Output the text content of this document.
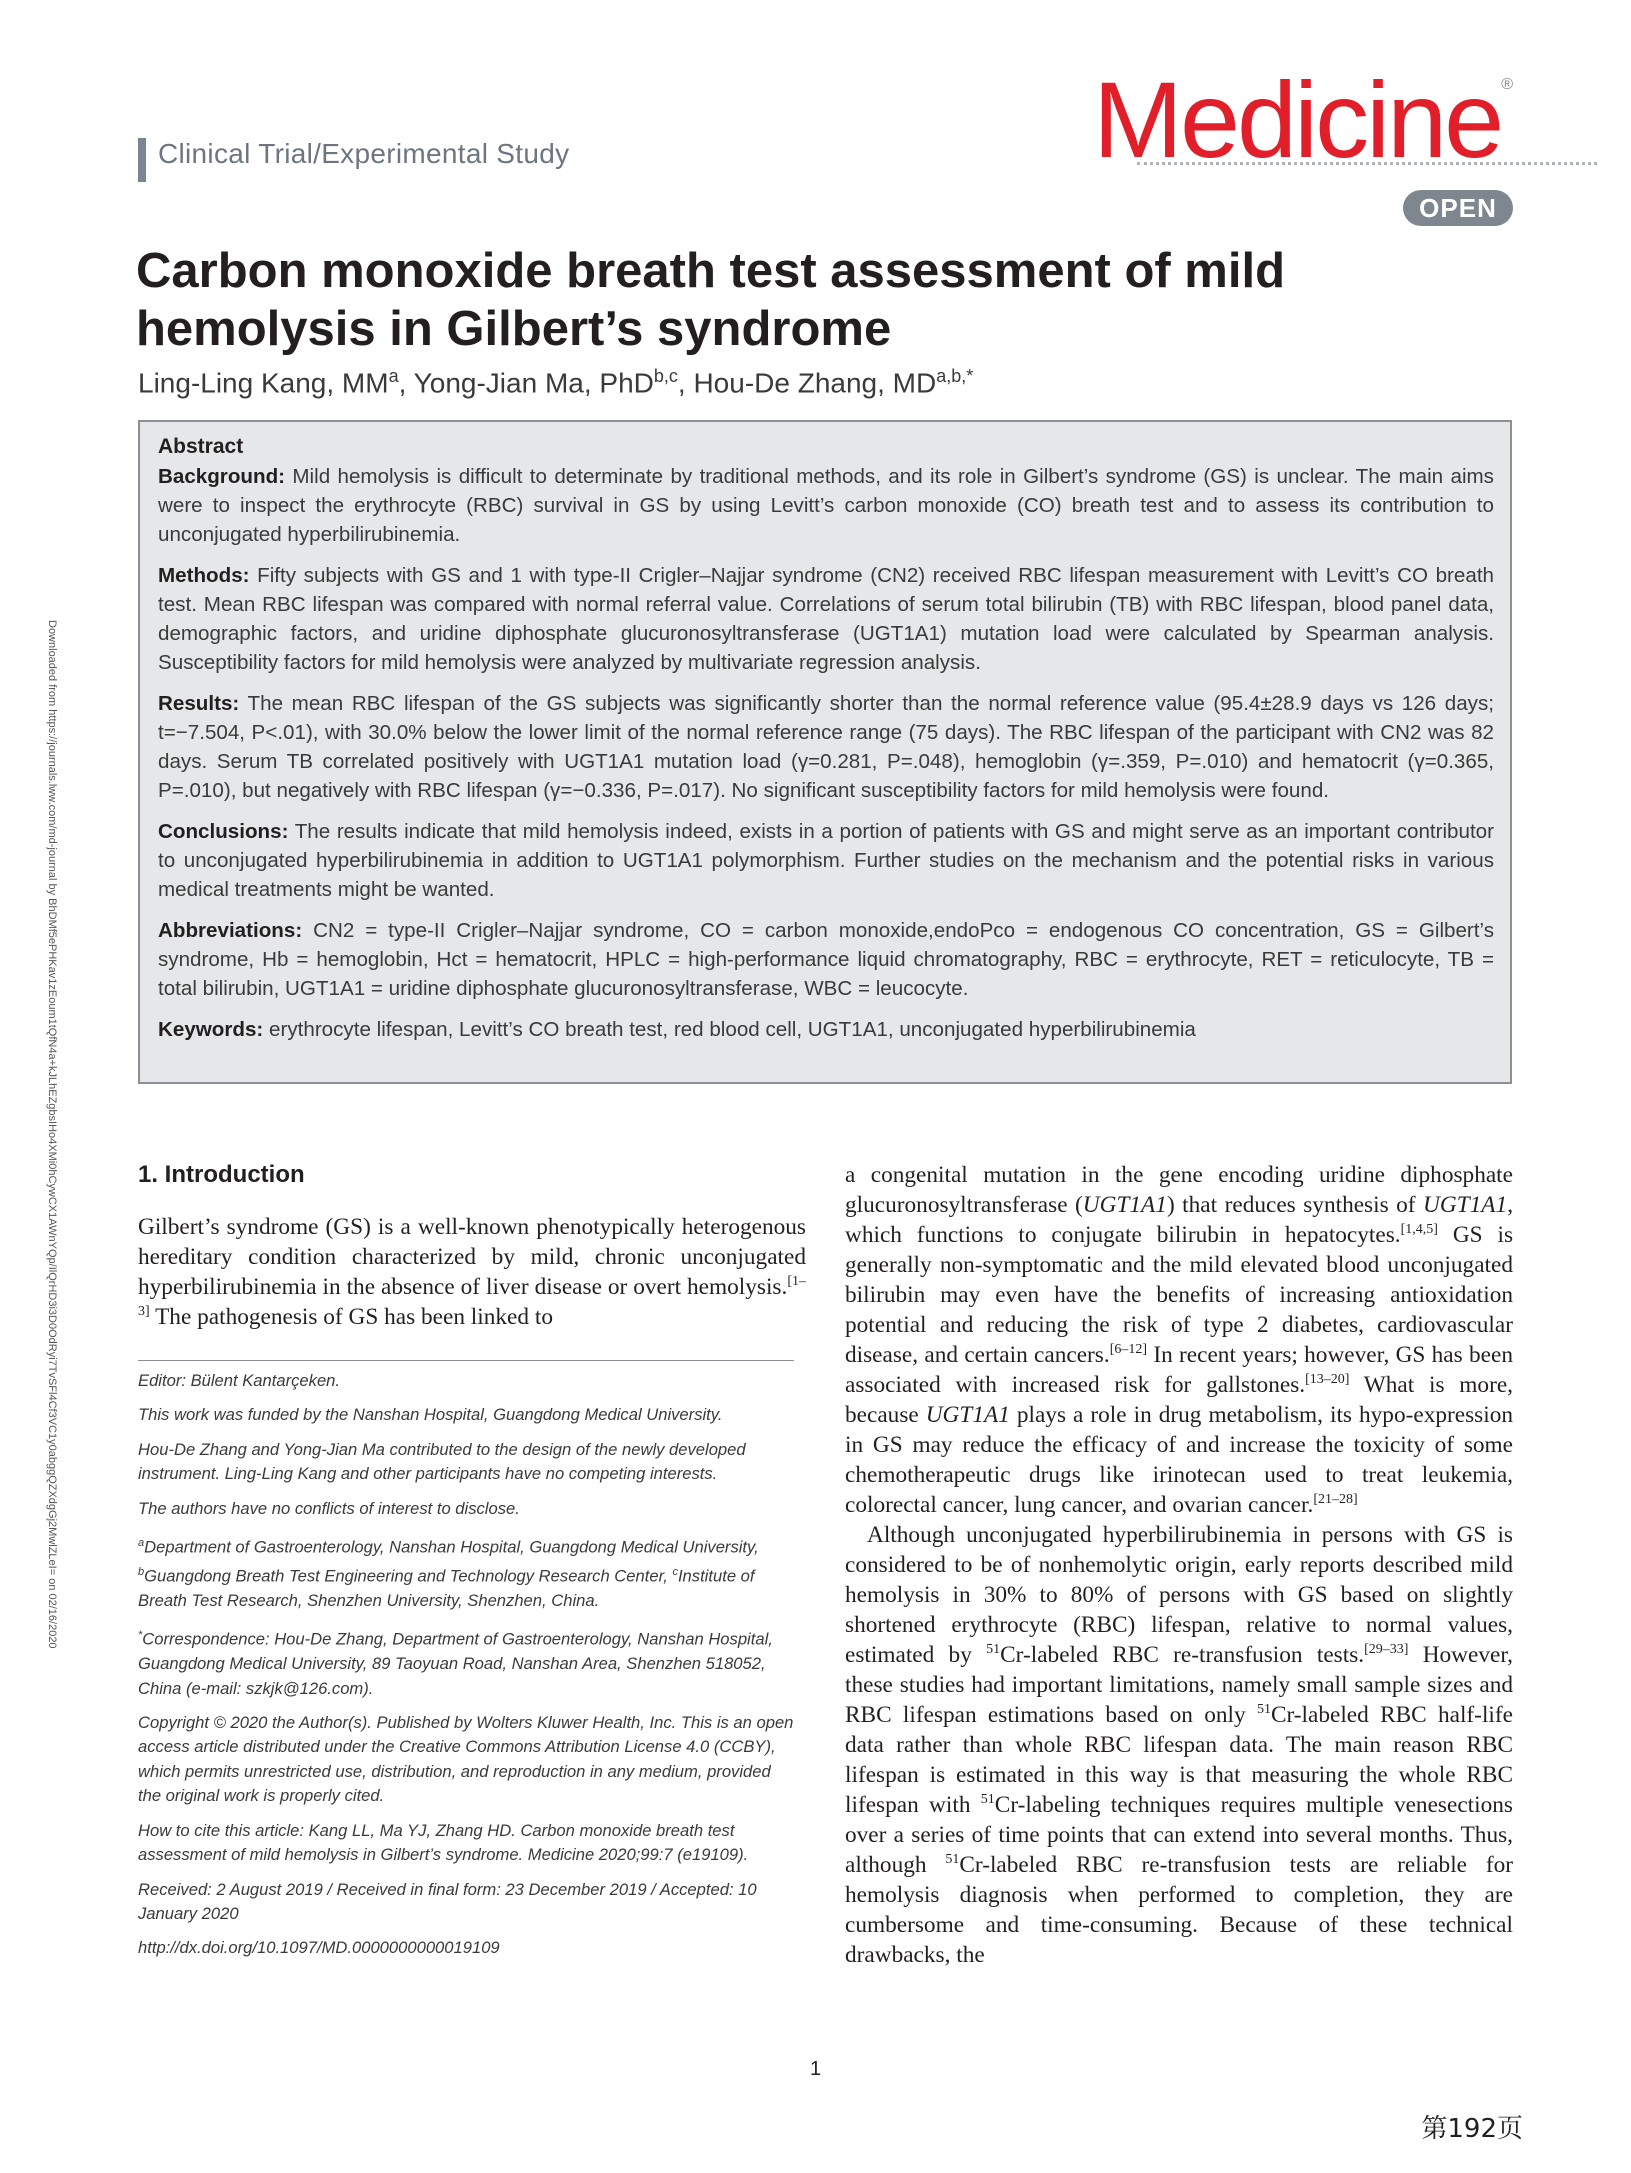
Clinical Trial/Experimental Study	Medicine®
OPEN
Carbon monoxide breath test assessment of mild hemolysis in Gilbert’s syndrome
Ling-Ling Kang, $MM^a$, Yong-Jian Ma, PhD$^{b,c}$, Hou-De Zhang, $MD^{a,b,*}$
Abstract

Background: Mild hemolysis is difficult to determinate by traditional methods, and its role in Gilbert’s syndrome (GS) is unclear. The main aims were to inspect the erythrocyte (RBC) survival in GS by using Levitt’s carbon monoxide (CO) breath test and to assess its contribution to unconjugated hyperbilirubinemia.

Methods: Fifty subjects with GS and 1 with type-II Crigler–Najjar syndrome (CN2) received RBC lifespan measurement with Levitt’s CO breath test. Mean RBC lifespan was compared with normal referral value. Correlations of serum total bilirubin (TB) with RBC lifespan, blood panel data, demographic factors, and uridine diphosphate glucuronosyltransferase (UGT1A1) mutation load were calculated by Spearman analysis. Susceptibility factors for mild hemolysis were analyzed by multivariate regression analysis.

Results: The mean RBC lifespan of the GS subjects was significantly shorter than the normal reference value (95.4±28.9 days vs 126 days; t=−7.504, P<.01), with 30.0% below the lower limit of the normal reference range (75 days). The RBC lifespan of the participant with CN2 was 82 days. Serum TB correlated positively with UGT1A1 mutation load (γ=0.281, P=.048), hemoglobin (γ=.359, P=.010) and hematocrit (γ=0.365, P=.010), but negatively with RBC lifespan (γ=−0.336, P=.017). No significant susceptibility factors for mild hemolysis were found.

Conclusions: The results indicate that mild hemolysis indeed, exists in a portion of patients with GS and might serve as an important contributor to unconjugated hyperbilirubinemia in addition to UGT1A1 polymorphism. Further studies on the mechanism and the potential risks in various medical treatments might be wanted.

Abbreviations: CN2 = type-II Crigler–Najjar syndrome, CO = carbon monoxide,endoPco = endogenous CO concentration, GS = Gilbert’s syndrome, Hb = hemoglobin, Hct = hematocrit, HPLC = high-performance liquid chromatography, RBC = erythrocyte, RET = reticulocyte, TB = total bilirubin, UGT1A1 = uridine diphosphate glucuronosyltransferase, WBC = leucocyte.

Keywords: erythrocyte lifespan, Levitt’s CO breath test, red blood cell, UGT1A1, unconjugated hyperbilirubinemia

Downloaded from https://journals.lww.com/md-journal by BhDMf5ePHKav1zEoum1tQfN4a+kJLhEZgbsIHo4XMi0hCywCX1AWnYQp/IlQrHD3i3D0OdRyi7TvSFl4Cf3VC1y0abggQZXdgGj2MwlZLeI= on 02/16/2020	1. Introduction

Gilbert’s syndrome (GS) is a well-known phenotypically heterogenous hereditary condition characterized by mild, chronic unconjugated hyperbilirubinemia in the absence of liver disease or overt hemolysis.[1–3] The pathogenesis of GS has been linked to

Editor: Bülent Kantarçeken.

This work was funded by the Nanshan Hospital, Guangdong Medical University.

Hou-De Zhang and Yong-Jian Ma contributed to the design of the newly developed instrument. Ling-Ling Kang and other participants have no competing interests.

The authors have no conflicts of interest to disclose.

$^a$Department of Gastroenterology, Nanshan Hospital, Guangdong Medical University, $^b$Guangdong Breath Test Engineering and Technology Research Center, $^c$Institute of Breath Test Research, Shenzhen University, Shenzhen, China.

*Correspondence: Hou-De Zhang, Department of Gastroenterology, Nanshan Hospital, Guangdong Medical University, 89 Taoyuan Road, Nanshan Area, Shenzhen 518052, China (e-mail: szkjk@126.com).

Copyright © 2020 the Author(s). Published by Wolters Kluwer Health, Inc. This is an open access article distributed under the Creative Commons Attribution License 4.0 (CCBY), which permits unrestricted use, distribution, and reproduction in any medium, provided the original work is properly cited.

How to cite this article: Kang LL, Ma YJ, Zhang HD. Carbon monoxide breath test assessment of mild hemolysis in Gilbert’s syndrome. Medicine 2020;99:7 (e19109).

Received: 2 August 2019 / Received in final form: 23 December 2019 / Accepted: 10 January 2020

http://dx.doi.org/10.1097/MD.0000000000019109

a congenital mutation in the gene encoding uridine diphosphate glucuronosyltransferase (UGT1A1) that reduces synthesis of UGT1A1, which functions to conjugate bilirubin in hepatocytes.[1,4,5] GS is generally non-symptomatic and the mild elevated blood unconjugated bilirubin may even have the benefits of increasing antioxidation potential and reducing the risk of type 2 diabetes, cardiovascular disease, and certain cancers.[6–12] In recent years; however, GS has been associated with increased risk for gallstones.[13–20] What is more, because UGT1A1 plays a role in drug metabolism, its hypo-expression in GS may reduce the efficacy of and increase the toxicity of some chemotherapeutic drugs like irinotecan used to treat leukemia, colorectal cancer, lung cancer, and ovarian cancer.[21–28]

Although unconjugated hyperbilirubinemia in persons with GS is considered to be of nonhemolytic origin, early reports described mild hemolysis in 30% to 80% of persons with GS based on slightly shortened erythrocyte (RBC) lifespan, relative to normal values, estimated by $^{51}$Cr-labeled RBC re-transfusion tests.[29–33] However, these studies had important limitations, namely small sample sizes and RBC lifespan estimations based on only $^{51}$Cr-labeled RBC half-life data rather than whole RBC lifespan data. The main reason RBC lifespan is estimated in this way is that measuring the whole RBC lifespan with $^{51}$Cr-labeling techniques requires multiple venesections over a series of time points that can extend into several months. Thus, although $^{51}$Cr-labeled RBC re-transfusion tests are reliable for hemolysis diagnosis when performed to completion, they are cumbersome and time-consuming. Because of these technical drawbacks, the

1
第192页
